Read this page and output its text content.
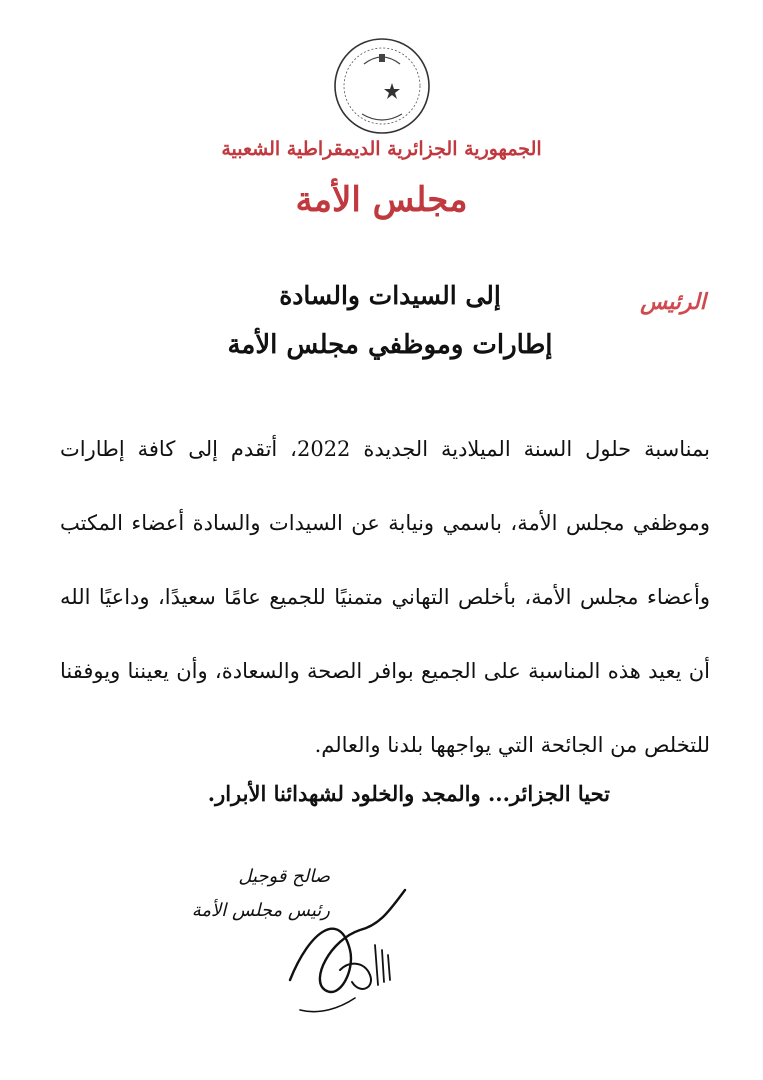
الجمهورية الجزائرية الديمقراطية الشعبية
مجلس الأمة
الرئيس
إلى السيدات والسادة
إطارات وموظفي مجلس الأمة

بمناسبة حلول السنة الميلادية الجديدة 2022، أتقدم إلى كافة إطارات وموظفي مجلس الأمة، باسمي ونيابة عن السيدات والسادة أعضاء المكتب وأعضاء مجلس الأمة، بأخلص التهاني متمنيًا للجميع عامًا سعيدًا، وداعيًا الله أن يعيد هذه المناسبة على الجميع بوافر الصحة والسعادة، وأن يعيننا ويوفقنا للتخلص من الجائحة التي يواجهها بلدنا والعالم.

تحيا الجزائر... والمجد والخلود لشهدائنا الأبرار.
صالح قوجيل
رئيس مجلس الأمة
